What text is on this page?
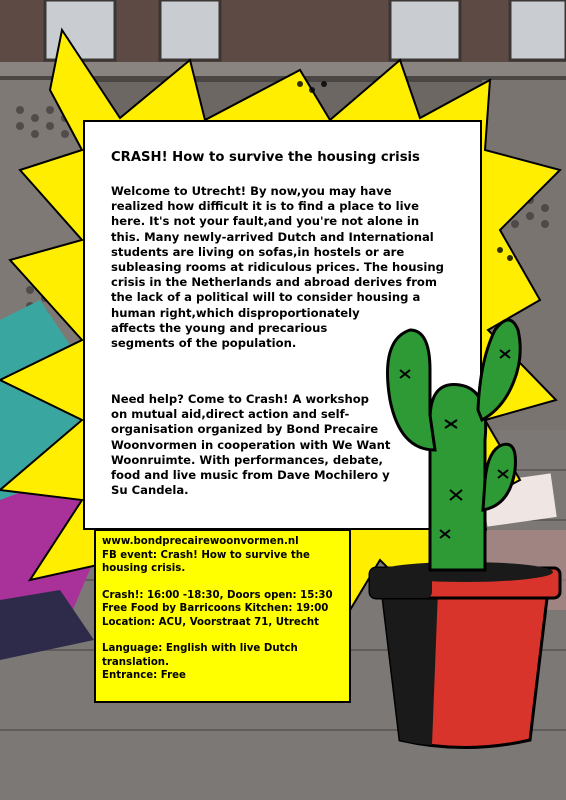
CRASH! How to survive the housing crisis

Welcome to Utrecht! By now,you may have
realized how difficult it is to find a place to live
here. It's not your fault,and you're not alone in
this. Many newly-arrived Dutch and International
students are living on sofas,in hostels or are
subleasing rooms at ridiculous prices. The housing
crisis in the Netherlands and abroad derives from
the lack of a political will to consider housing a
human right,which disproportionately
affects the young and precarious
segments of the population.

Need help? Come to Crash! A workshop
on mutual aid,direct action and self-
organisation organized by Bond Precaire
Woonvormen in cooperation with We Want
Woonruimte. With performances, debate,
food and live music from Dave Mochilero y
Su Candela.

www.bondprecairewoonvormen.nl
FB event: Crash! How to survive the
housing crisis.
Crash!: 16:00 -18:30, Doors open: 15:30
Free Food by Barricoons Kitchen: 19:00
Location: ACU, Voorstraat 71, Utrecht
Language: English with live Dutch
translation.
Entrance: Free
